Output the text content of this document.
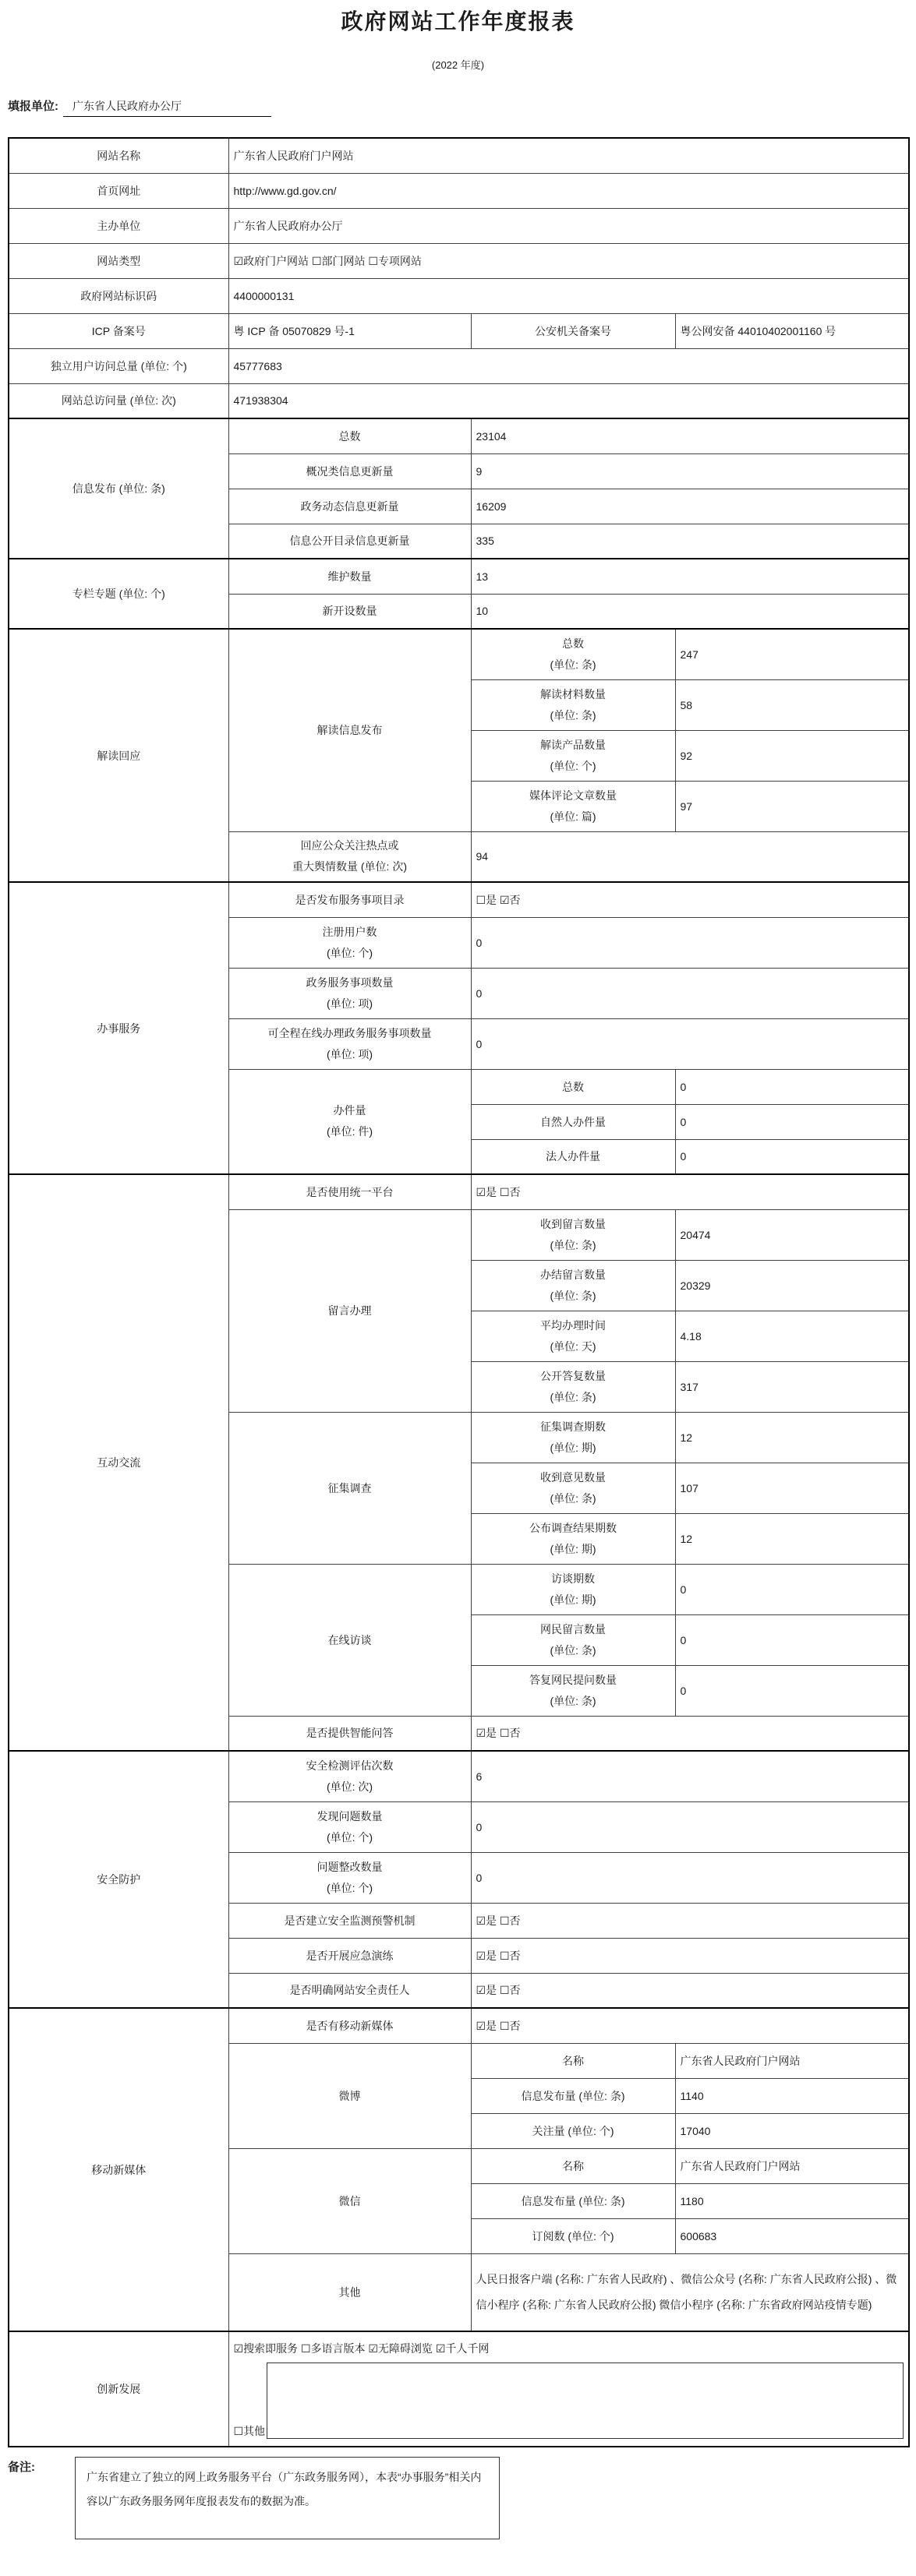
政府网站工作年度报表
(2022 年度)
填报单位: 广东省人民政府办公厅
网站名称	广东省人民政府门户网站		
首页网址	http://www.gd.gov.cn/		
主办单位	广东省人民政府办公厅		
网站类型	☑政府门户网站 ☐部门网站 ☐专项网站		
政府网站标识码	4400000131		
ICP 备案号	粤 ICP 备 05070829 号-1	公安机关备案号	粤公网安备 44010402001160 号
独立用户访问总量 (单位: 个)	45777683		
网站总访问量 (单位: 次)	471938304		
信息发布 (单位: 条)	总数	23104	
	概况类信息更新量	9	
	政务动态信息更新量	16209	
	信息公开目录信息更新量	335	
专栏专题 (单位: 个)	维护数量	13	
	新开设数量	10	
解读回应	解读信息发布	总数
(单位: 条)	247

		解读材料数量
(单位: 条)	58

		解读产品数量
(单位: 个)	92

		媒体评论文章数量
(单位: 篇)	97

	回应公众关注热点或
重大舆情数量 (单位: 次)	94	
办事服务	是否发布服务事项目录	☐是 ☑否	

	注册用户数
(单位: 个)	0	

	政务服务事项数量
(单位: 项)	0	

	可全程在线办理政务服务事项数量
(单位: 项)	0	

	办件量
(单位: 件)	总数	0
		自然人办件量	0
		法人办件量	0
互动交流	是否使用统一平台	☑是 ☐否	
	留言办理	收到留言数量
(单位: 条)	20474

		办结留言数量
(单位: 条)	20329

		平均办理时间
(单位: 天)	4.18

		公开答复数量
(单位: 条)	317
	征集调查	征集调查期数
(单位: 期)	12

		收到意见数量
(单位: 条)	107

		公布调查结果期数
(单位: 期)	12
	在线访谈	访谈期数
(单位: 期)	0

		网民留言数量
(单位: 条)	0

		答复网民提问数量
(单位: 条)	0
	是否提供智能问答	☑是 ☐否	
安全防护	安全检测评估次数
(单位: 次)	6	

	发现问题数量
(单位: 个)	0	

	问题整改数量
(单位: 个)	0	
	是否建立安全监测预警机制	☑是 ☐否	
	是否开展应急演练	☑是 ☐否	
	是否明确网站安全责任人	☑是 ☐否	
移动新媒体	是否有移动新媒体	☑是 ☐否	
	微博	名称	广东省人民政府门户网站
		信息发布量 (单位: 条)	1140
		关注量 (单位: 个)	17040
	微信	名称	广东省人民政府门户网站
		信息发布量 (单位: 条)	1180
		订阅数 (单位: 个)	600683
	其他	人民日报客户端 (名称: 广东省人民政府) 、微信公众号 (名称: 广东省人民政府公报) 、微信小程序 (名称: 广东省人民政府公报) 微信小程序 (名称: 广东省政府网站疫情专题)	
创新发展	☑搜索即服务 ☐多语言版本 ☑无障碍浏览 ☑千人千网
☐其他		
备注:

广东省建立了独立的网上政务服务平台（广东政务服务网），本表“办事服务”相关内容以广东政务服务网年度报表发布的数据为准。
